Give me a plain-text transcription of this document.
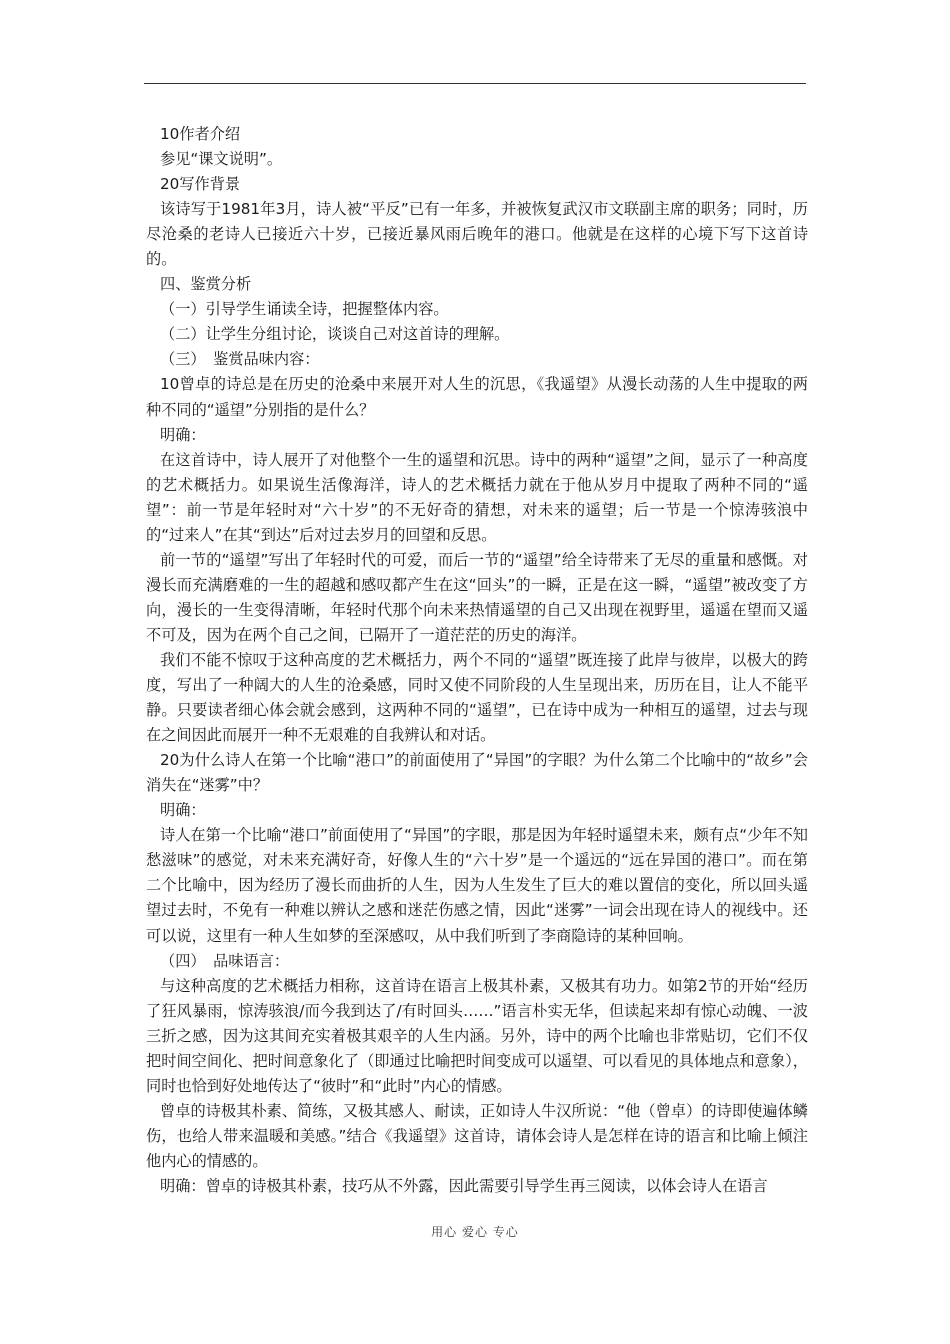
10作者介绍

参见“课文说明”。

20写作背景

该诗写于1981年3月，诗人被“平反”已有一年多，并被恢复武汉市文联副主席的职务；同时，历尽沧桑的老诗人已接近六十岁，已接近暴风雨后晚年的港口。他就是在这样的心境下写下这首诗的。

四、鉴赏分析

（一）引导学生诵读全诗，把握整体内容。

（二）让学生分组讨论，谈谈自己对这首诗的理解。

（三）　鉴赏品味内容：

10曾卓的诗总是在历史的沧桑中来展开对人生的沉思，《我遥望》从漫长动荡的人生中提取的两种不同的“遥望”分别指的是什么？

明确：

在这首诗中，诗人展开了对他整个一生的遥望和沉思。诗中的两种“遥望”之间，显示了一种高度的艺术概括力。如果说生活像海洋，诗人的艺术概括力就在于他从岁月中提取了两种不同的“遥望”：前一节是年轻时对“六十岁”的不无好奇的猜想，对未来的遥望；后一节是一个惊涛骇浪中的“过来人”在其“到达”后对过去岁月的回望和反思。

前一节的“遥望”写出了年轻时代的可爱，而后一节的“遥望”给全诗带来了无尽的重量和感慨。对漫长而充满磨难的一生的超越和感叹都产生在这“回头”的一瞬，正是在这一瞬，“遥望”被改变了方向，漫长的一生变得清晰，年轻时代那个向未来热情遥望的自己又出现在视野里，遥遥在望而又遥不可及，因为在两个自己之间，已隔开了一道茫茫的历史的海洋。

我们不能不惊叹于这种高度的艺术概括力，两个不同的“遥望”既连接了此岸与彼岸，以极大的跨度，写出了一种阔大的人生的沧桑感，同时又使不同阶段的人生呈现出来，历历在目，让人不能平静。只要读者细心体会就会感到，这两种不同的“遥望”，已在诗中成为一种相互的遥望，过去与现在之间因此而展开一种不无艰难的自我辨认和对话。

20为什么诗人在第一个比喻“港口”的前面使用了“异国”的字眼？为什么第二个比喻中的“故乡”会消失在“迷雾”中？

明确：

诗人在第一个比喻“港口”前面使用了“异国”的字眼，那是因为年轻时遥望未来，颇有点“少年不知愁滋味”的感觉，对未来充满好奇，好像人生的“六十岁”是一个遥远的“远在异国的港口”。而在第二个比喻中，因为经历了漫长而曲折的人生，因为人生发生了巨大的难以置信的变化，所以回头遥望过去时，不免有一种难以辨认之感和迷茫伤感之情，因此“迷雾”一词会出现在诗人的视线中。还可以说，这里有一种人生如梦的至深感叹，从中我们听到了李商隐诗的某种回响。

（四）　品味语言：

与这种高度的艺术概括力相称，这首诗在语言上极其朴素，又极其有功力。如第2节的开始“经历了狂风暴雨，惊涛骇浪/而今我到达了/有时回头……”语言朴实无华，但读起来却有惊心动魄、一波三折之感，因为这其间充实着极其艰辛的人生内涵。另外，诗中的两个比喻也非常贴切，它们不仅把时间空间化、把时间意象化了（即通过比喻把时间变成可以遥望、可以看见的具体地点和意象），同时也恰到好处地传达了“彼时”和“此时”内心的情感。

曾卓的诗极其朴素、简练，又极其感人、耐读，正如诗人牛汉所说：“他（曾卓）的诗即使遍体鳞伤，也给人带来温暖和美感。”结合《我遥望》这首诗，请体会诗人是怎样在诗的语言和比喻上倾注他内心的情感的。

明确：曾卓的诗极其朴素，技巧从不外露，因此需要引导学生再三阅读，以体会诗人在语言

用心 爱心 专心
